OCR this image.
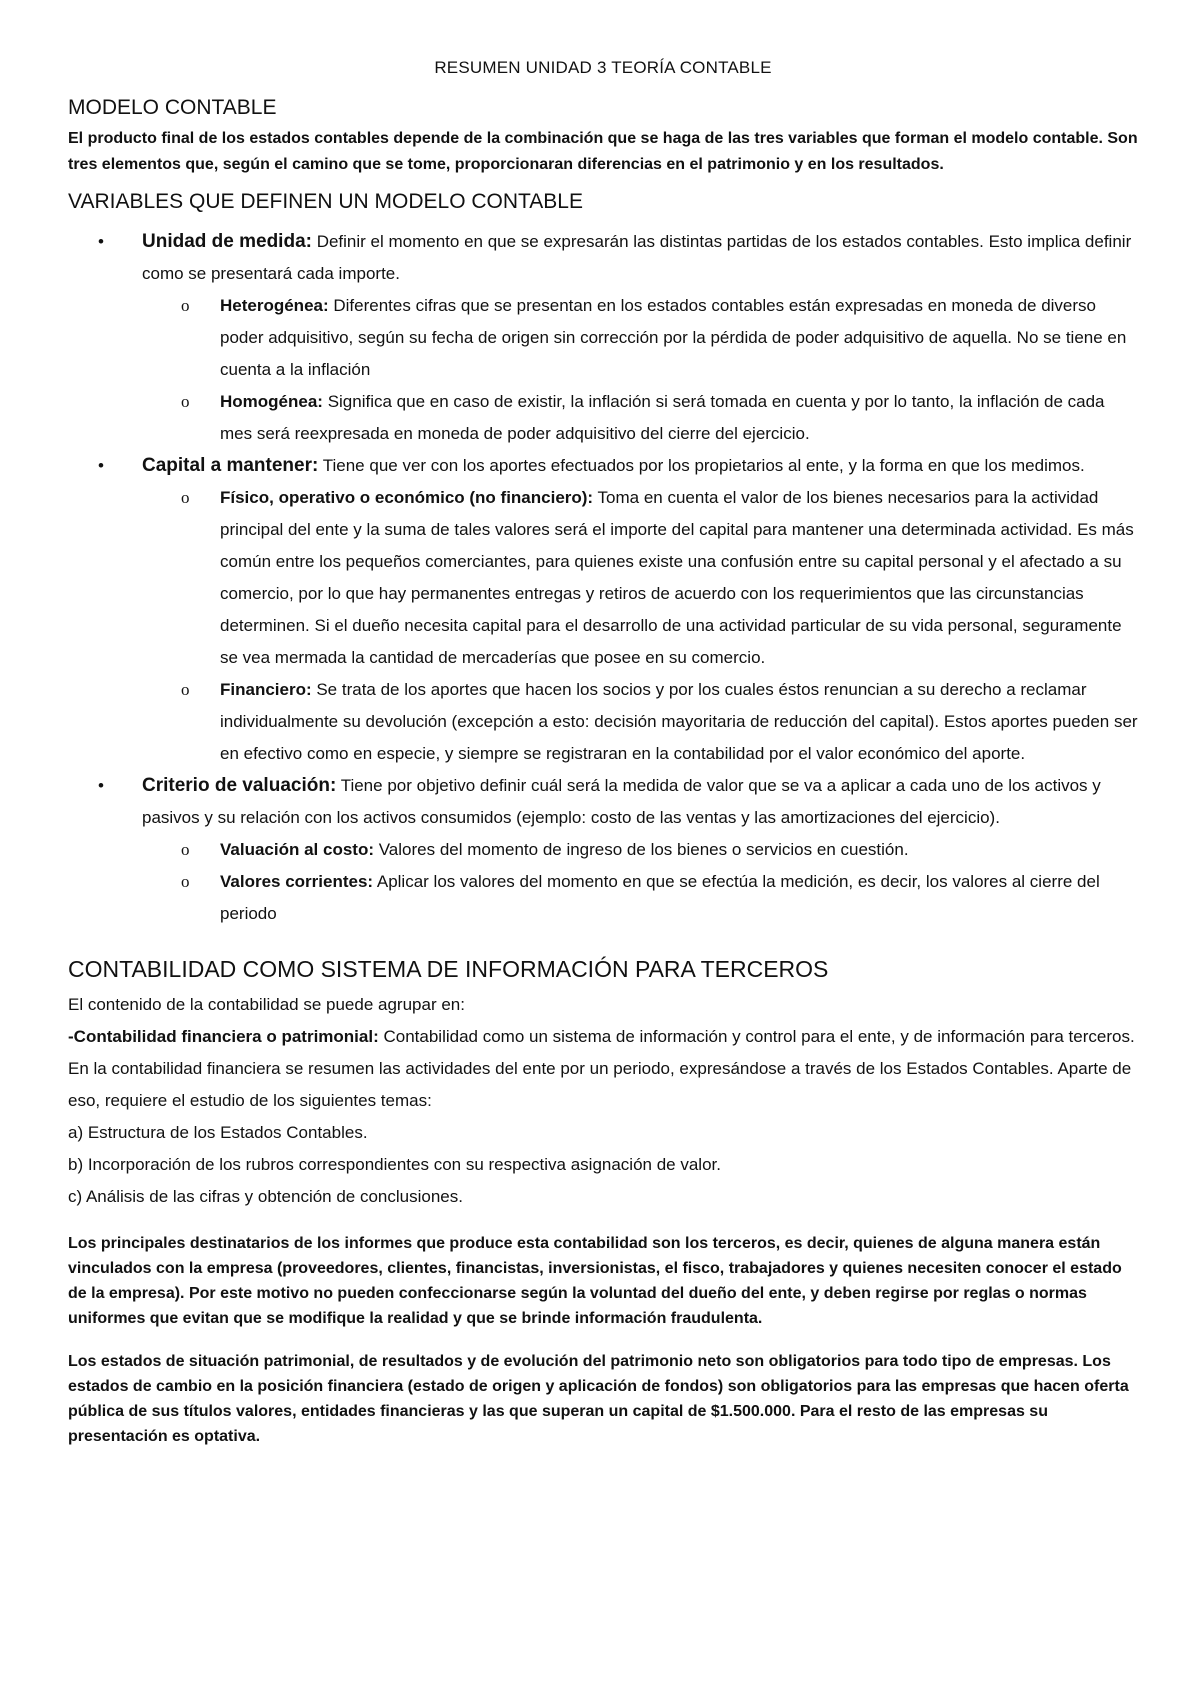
RESUMEN UNIDAD 3 TEORÍA CONTABLE
MODELO CONTABLE

El producto final de los estados contables depende de la combinación que se haga de las tres variables que forman el modelo contable. Son tres elementos que, según el camino que se tome, proporcionaran diferencias en el patrimonio y en los resultados.

VARIABLES QUE DEFINEN UN MODELO CONTABLE
• Unidad de medida: Definir el momento en que se expresarán las distintas partidas de los estados contables. Esto implica definir como se presentará cada importe.
o Heterogénea: Diferentes cifras que se presentan en los estados contables están expresadas en moneda de diverso poder adquisitivo, según su fecha de origen sin corrección por la pérdida de poder adquisitivo de aquella. No se tiene en cuenta a la inflación
o Homogénea: Significa que en caso de existir, la inflación si será tomada en cuenta y por lo tanto, la inflación de cada mes será reexpresada en moneda de poder adquisitivo del cierre del ejercicio.
• Capital a mantener: Tiene que ver con los aportes efectuados por los propietarios al ente, y la forma en que los medimos.
o Físico, operativo o económico (no financiero): Toma en cuenta el valor de los bienes necesarios para la actividad principal del ente y la suma de tales valores será el importe del capital para mantener una determinada actividad. Es más común entre los pequeños comerciantes, para quienes existe una confusión entre su capital personal y el afectado a su comercio, por lo que hay permanentes entregas y retiros de acuerdo con los requerimientos que las circunstancias determinen. Si el dueño necesita capital para el desarrollo de una actividad particular de su vida personal, seguramente se vea mermada la cantidad de mercaderías que posee en su comercio.
o Financiero: Se trata de los aportes que hacen los socios y por los cuales éstos renuncian a su derecho a reclamar individualmente su devolución (excepción a esto: decisión mayoritaria de reducción del capital). Estos aportes pueden ser en efectivo como en especie, y siempre se registraran en la contabilidad por el valor económico del aporte.
• Criterio de valuación: Tiene por objetivo definir cuál será la medida de valor que se va a aplicar a cada uno de los activos y pasivos y su relación con los activos consumidos (ejemplo: costo de las ventas y las amortizaciones del ejercicio).
o Valuación al costo: Valores del momento de ingreso de los bienes o servicios en cuestión.
o Valores corrientes: Aplicar los valores del momento en que se efectúa la medición, es decir, los valores al cierre del periodo
CONTABILIDAD COMO SISTEMA DE INFORMACIÓN PARA TERCEROS

El contenido de la contabilidad se puede agrupar en:

-Contabilidad financiera o patrimonial: Contabilidad como un sistema de información y control para el ente, y de información para terceros. En la contabilidad financiera se resumen las actividades del ente por un periodo, expresándose a través de los Estados Contables. Aparte de eso, requiere el estudio de los siguientes temas:

a) Estructura de los Estados Contables.

b) Incorporación de los rubros correspondientes con su respectiva asignación de valor.

c) Análisis de las cifras y obtención de conclusiones.

Los principales destinatarios de los informes que produce esta contabilidad son los terceros, es decir, quienes de alguna manera están vinculados con la empresa (proveedores, clientes, financistas, inversionistas, el fisco, trabajadores y quienes necesiten conocer el estado de la empresa). Por este motivo no pueden confeccionarse según la voluntad del dueño del ente, y deben regirse por reglas o normas uniformes que evitan que se modifique la realidad y que se brinde información fraudulenta.

Los estados de situación patrimonial, de resultados y de evolución del patrimonio neto son obligatorios para todo tipo de empresas. Los estados de cambio en la posición financiera (estado de origen y aplicación de fondos) son obligatorios para las empresas que hacen oferta pública de sus títulos valores, entidades financieras y las que superan un capital de $1.500.000. Para el resto de las empresas su presentación es optativa.
